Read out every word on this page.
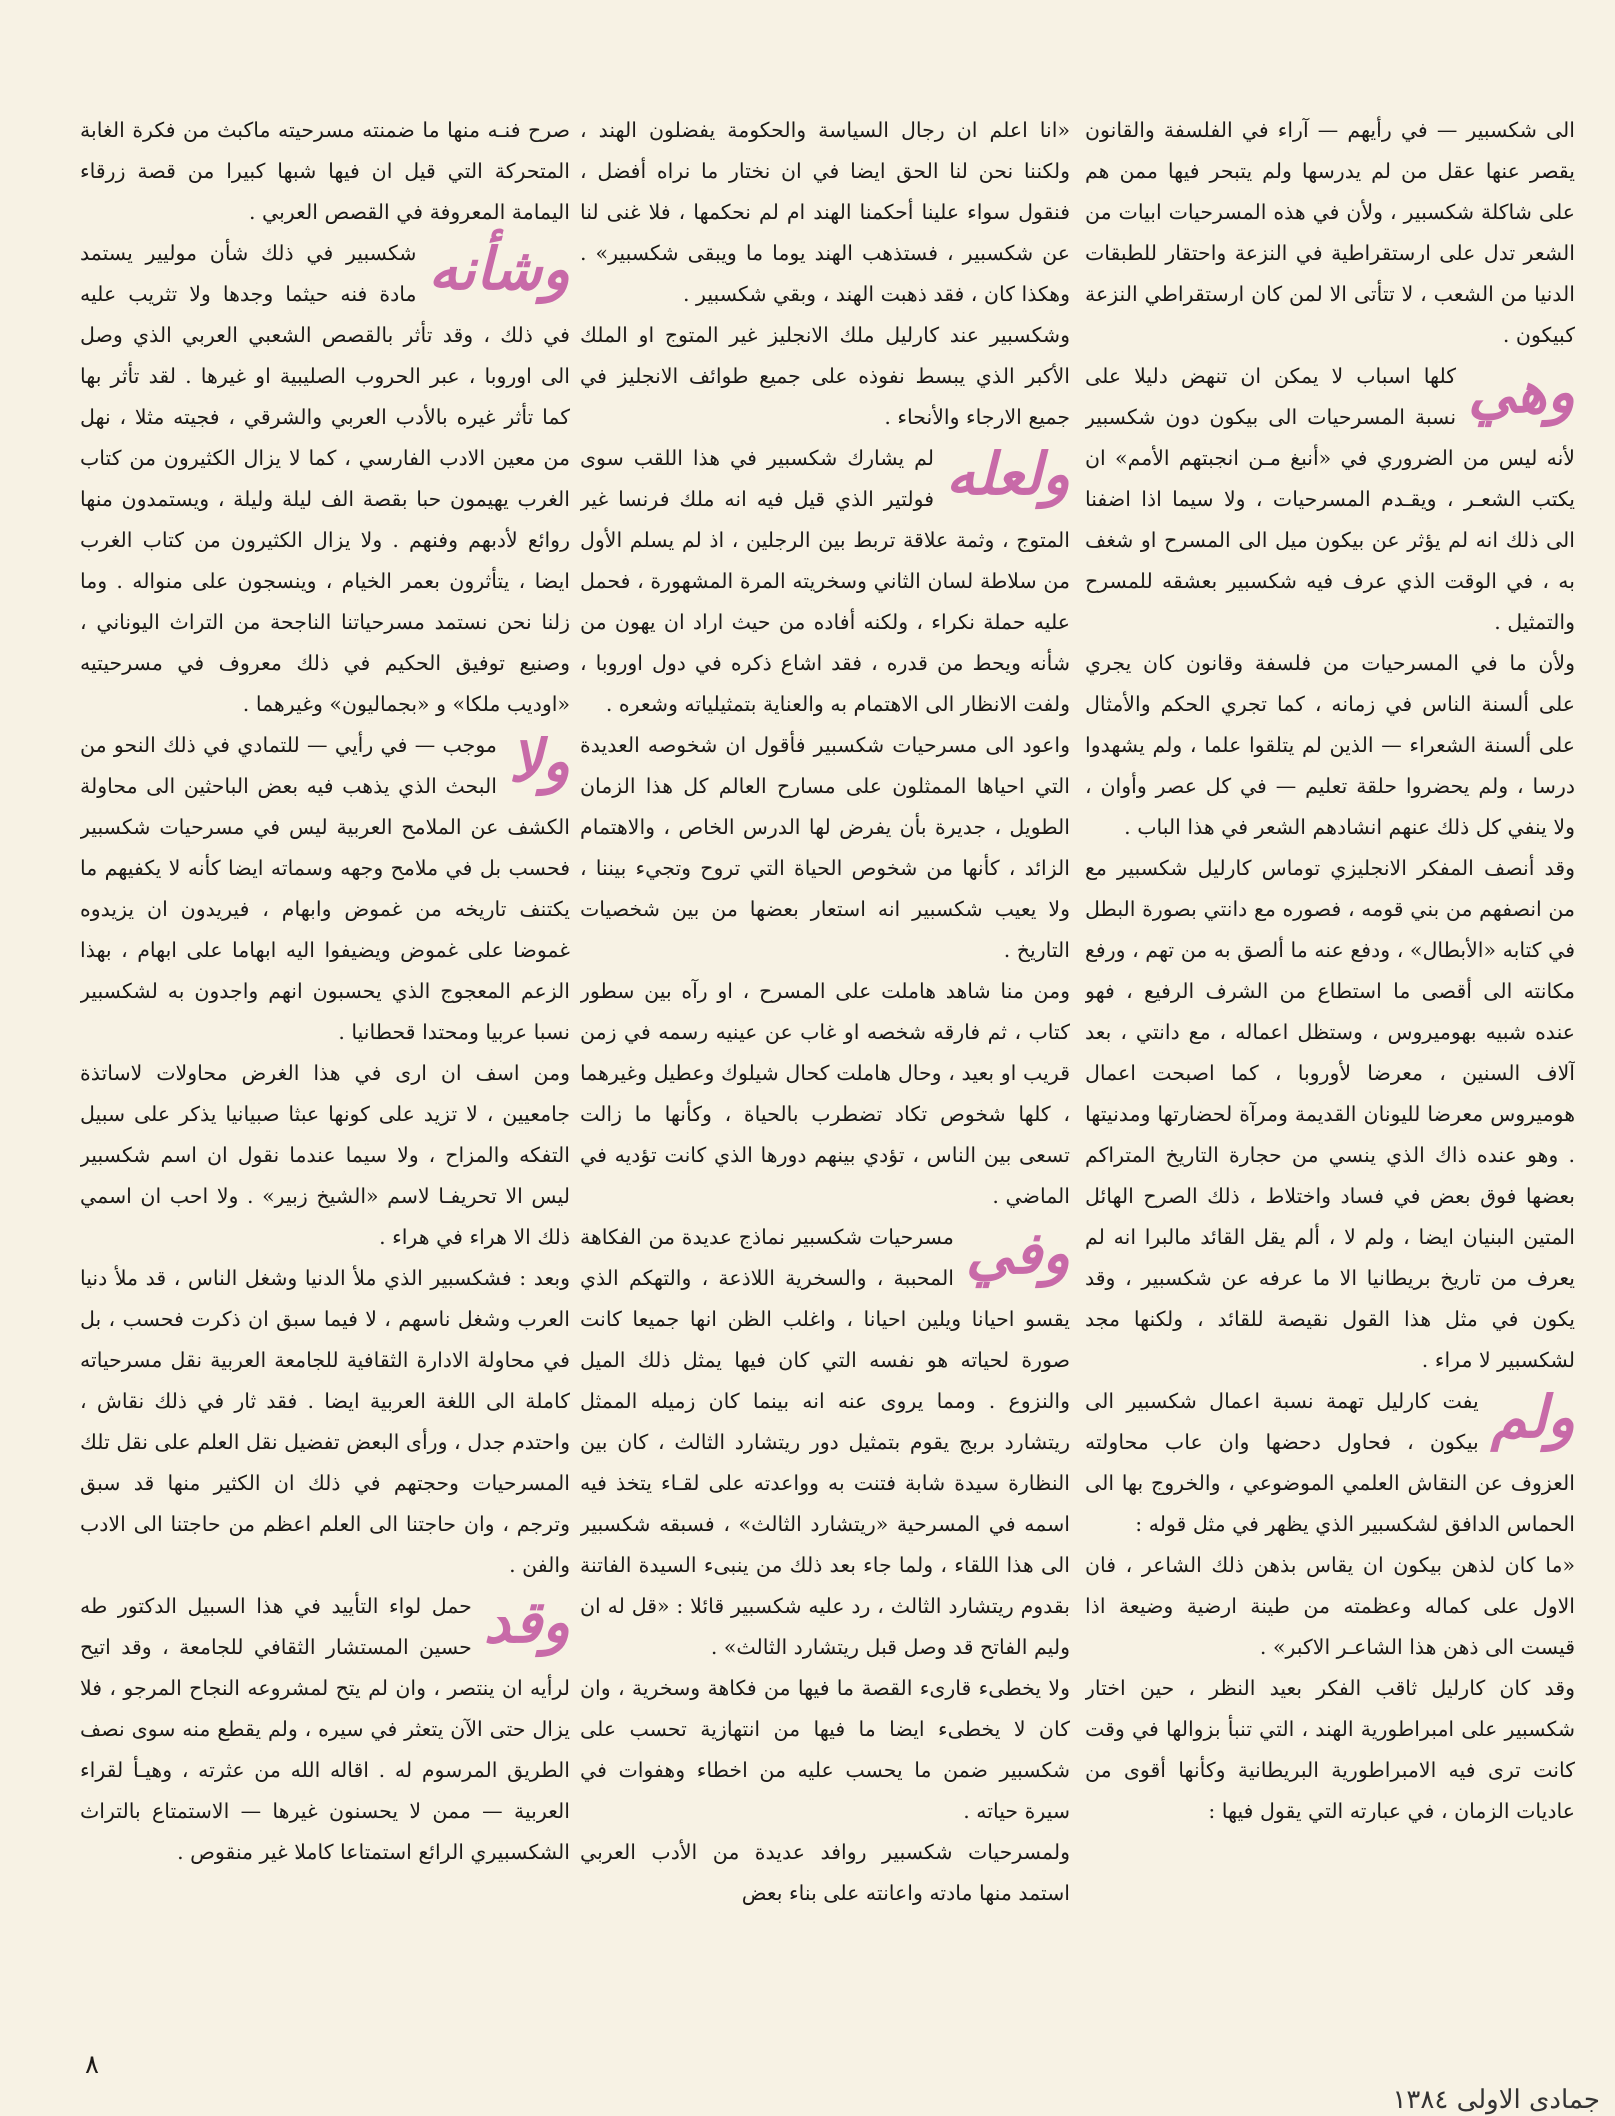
الى شكسبير — في رأيهم — آراء في الفلسفة والقانون يقصر عنها عقل من لم يدرسها ولم يتبحر فيها ممن هم على شاكلة شكسبير ، ولأن في هذه المسرحيات ابيات من الشعر تدل على ارستقراطية في النزعة واحتقار للطبقات الدنيا من الشعب ، لا تتأتى الا لمن كان ارستقراطي النزعة كبيكون .

وهي
كلها اسباب لا يمكن ان تنهض دليلا على نسبة المسرحيات الى بيكون دون شكسبير لأنه ليس من الضروري في «أنبغ مـن انجبتهم الأمم» ان يكتب الشعـر ، ويقـدم المسرحيات ، ولا سيما اذا اضفنا الى ذلك انه لم يؤثر عن بيكون ميل الى المسرح او شغف به ، في الوقت الذي عرف فيه شكسبير بعشقه للمسرح والتمثيل .

ولأن ما في المسرحيات من فلسفة وقانون كان يجري على ألسنة الناس في زمانه ، كما تجري الحكم والأمثال على ألسنة الشعراء — الذين لم يتلقوا علما ، ولم يشهدوا درسا ، ولم يحضروا حلقة تعليم — في كل عصر وأوان ، ولا ينفي كل ذلك عنهم انشادهم الشعر في هذا الباب .

وقد أنصف المفكر الانجليزي توماس كارليل شكسبير مع من انصفهم من بني قومه ، فصوره مع دانتي بصورة البطل في كتابه «الأبطال» ، ودفع عنه ما ألصق به من تهم ، ورفع مكانته الى أقصى ما استطاع من الشرف الرفيع ، فهو عنده شبيه بهوميروس ، وستظل اعماله ، مع دانتي ، بعد آلاف السنين ، معرضا لأوروبا ، كما اصبحت اعمال هوميروس معرضا لليونان القديمة ومرآة لحضارتها ومدنيتها . وهو عنده ذاك الذي ينسي من حجارة التاريخ المتراكم بعضها فوق بعض في فساد واختلاط ، ذلك الصرح الهائل المتين البنيان ايضا ، ولم لا ، ألم يقل القائد مالبرا انه لم يعرف من تاريخ بريطانيا الا ما عرفه عن شكسبير ، وقد يكون في مثل هذا القول نقيصة للقائد ، ولكنها مجد لشكسبير لا مراء .

ولم
يفت كارليل تهمة نسبة اعمال شكسبير الى بيكون ، فحاول دحضها وان عاب محاولته العزوف عن النقاش العلمي الموضوعي ، والخروج بها الى الحماس الدافق لشكسبير الذي يظهر في مثل قوله :

«ما كان لذهن بيكون ان يقاس بذهن ذلك الشاعر ، فان الاول على كماله وعظمته من طينة ارضية وضيعة اذا قيست الى ذهن هذا الشاعـر الاكبر» .

وقد كان كارليل ثاقب الفكر بعيد النظر ، حين اختار شكسبير على امبراطورية الهند ، التي تنبأ بزوالها في وقت كانت ترى فيه الامبراطورية البريطانية وكأنها أقوى من عاديات الزمان ، في عبارته التي يقول فيها :

«انا اعلم ان رجال السياسة والحكومة يفضلون الهند ، ولكننا نحن لنا الحق ايضا في ان نختار ما نراه أفضل ، فنقول سواء علينا أحكمنا الهند ام لم نحكمها ، فلا غنى لنا عن شكسبير ، فستذهب الهند يوما ما ويبقى شكسبير» . وهكذا كان ، فقد ذهبت الهند ، وبقي شكسبير .

وشكسبير عند كارليل ملك الانجليز غير المتوج او الملك الأكبر الذي يبسط نفوذه على جميع طوائف الانجليز في جميع الارجاء والأنحاء .

ولعله
لم يشارك شكسبير في هذا اللقب سوى فولتير الذي قيل فيه انه ملك فرنسا غير المتوج ، وثمة علاقة تربط بين الرجلين ، اذ لم يسلم الأول من سلاطة لسان الثاني وسخريته المرة المشهورة ، فحمل عليه حملة نكراء ، ولكنه أفاده من حيث اراد ان يهون من شأنه ويحط من قدره ، فقد اشاع ذكره في دول اوروبا ، ولفت الانظار الى الاهتمام به والعناية بتمثيلياته وشعره .

واعود الى مسرحيات شكسبير فأقول ان شخوصه العديدة التي احياها الممثلون على مسارح العالم كل هذا الزمان الطويل ، جديرة بأن يفرض لها الدرس الخاص ، والاهتمام الزائد ، كأنها من شخوص الحياة التي تروح وتجيء بيننا ، ولا يعيب شكسبير انه استعار بعضها من بين شخصيات التاريخ .

ومن منا شاهد هاملت على المسرح ، او رآه بين سطور كتاب ، ثم فارقه شخصه او غاب عن عينيه رسمه في زمن قريب او بعيد ، وحال هاملت كحال شيلوك وعطيل وغيرهما ، كلها شخوص تكاد تضطرب بالحياة ، وكأنها ما زالت تسعى بين الناس ، تؤدي بينهم دورها الذي كانت تؤديه في الماضي .

وفي
مسرحيات شكسبير نماذج عديدة من الفكاهة المحببة ، والسخرية اللاذعة ، والتهكم الذي يقسو احيانا ويلين احيانا ، واغلب الظن انها جميعا كانت صورة لحياته هو نفسه التي كان فيها يمثل ذلك الميل والنزوع . ومما يروى عنه انه بينما كان زميله الممثل ريتشارد بربج يقوم بتمثيل دور ريتشارد الثالث ، كان بين النظارة سيدة شابة فتنت به وواعدته على لقـاء يتخذ فيه اسمه في المسرحية «ريتشارد الثالث» ، فسبقه شكسبير الى هذا اللقاء ، ولما جاء بعد ذلك من ينبىء السيدة الفاتنة بقدوم ريتشارد الثالث ، رد عليه شكسبير قائلا : «قل له ان وليم الفاتح قد وصل قبل ريتشارد الثالث» .

ولا يخطىء قارىء القصة ما فيها من فكاهة وسخرية ، وان كان لا يخطىء ايضا ما فيها من انتهازية تحسب على شكسبير ضمن ما يحسب عليه من اخطاء وهفوات في سيرة حياته .

ولمسرحيات شكسبير روافد عديدة من الأدب العربي استمد منها مادته واعانته على بناء بعض

صرح فنـه منها ما ضمنته مسرحيته ماكبث من فكرة الغابة المتحركة التي قيل ان فيها شبها كبيرا من قصة زرقاء اليمامة المعروفة في القصص العربي .

وشأنه
شكسبير في ذلك شأن موليير يستمد مادة فنه حيثما وجدها ولا تثريب عليه في ذلك ، وقد تأثر بالقصص الشعبي العربي الذي وصل الى اوروبا ، عبر الحروب الصليبية او غيرها . لقد تأثر بها كما تأثر غيره بالأدب العربي والشرقي ، فجيته مثلا ، نهل من معين الادب الفارسي ، كما لا يزال الكثيرون من كتاب الغرب يهيمون حبا بقصة الف ليلة وليلة ، ويستمدون منها روائع لأدبهم وفنهم . ولا يزال الكثيرون من كتاب الغرب ايضا ، يتأثرون بعمر الخيام ، وينسجون على منواله . وما زلنا نحن نستمد مسرحياتنا الناجحة من التراث اليوناني ، وصنيع توفيق الحكيم في ذلك معروف في مسرحيتيه «اوديب ملكا» و «بجماليون» وغيرهما .

ولا
موجب — في رأيي — للتمادي في ذلك النحو من البحث الذي يذهب فيه بعض الباحثين الى محاولة الكشف عن الملامح العربية ليس في مسرحيات شكسبير فحسب بل في ملامح وجهه وسماته ايضا كأنه لا يكفيهم ما يكتنف تاريخه من غموض وابهام ، فيريدون ان يزيدوه غموضا على غموض ويضيفوا اليه ابهاما على ابهام ، بهذا الزعم المعجوج الذي يحسبون انهم واجدون به لشكسبير نسبا عربيا ومحتدا قحطانيا .

ومن اسف ان ارى في هذا الغرض محاولات لاساتذة جامعيين ، لا تزيد على كونها عبثا صبيانيا يذكر على سبيل التفكه والمزاح ، ولا سيما عندما نقول ان اسم شكسبير ليس الا تحريفـا لاسم «الشيخ زبير» . ولا احب ان اسمي ذلك الا هراء في هراء .

وبعد : فشكسبير الذي ملأ الدنيا وشغل الناس ، قد ملأ دنيا العرب وشغل ناسهم ، لا فيما سبق ان ذكرت فحسب ، بل في محاولة الادارة الثقافية للجامعة العربية نقل مسرحياته كاملة الى اللغة العربية ايضا . فقد ثار في ذلك نقاش ، واحتدم جدل ، ورأى البعض تفضيل نقل العلم على نقل تلك المسرحيات وحجتهم في ذلك ان الكثير منها قد سبق وترجم ، وان حاجتنا الى العلم اعظم من حاجتنا الى الادب والفن .

وقد
حمل لواء التأييد في هذا السبيل الدكتور طه حسين المستشار الثقافي للجامعة ، وقد اتيح لرأيه ان ينتصر ، وان لم يتح لمشروعه النجاح المرجو ، فلا يزال حتى الآن يتعثر في سيره ، ولم يقطع منه سوى نصف الطريق المرسوم له . اقاله الله من عثرته ، وهيـأ لقراء العربية — ممن لا يحسنون غيرها — الاستمتاع بالتراث الشكسبيري الرائع استمتاعا كاملا غير منقوص .

٨
جمادى الاولى ١٣٨٤
